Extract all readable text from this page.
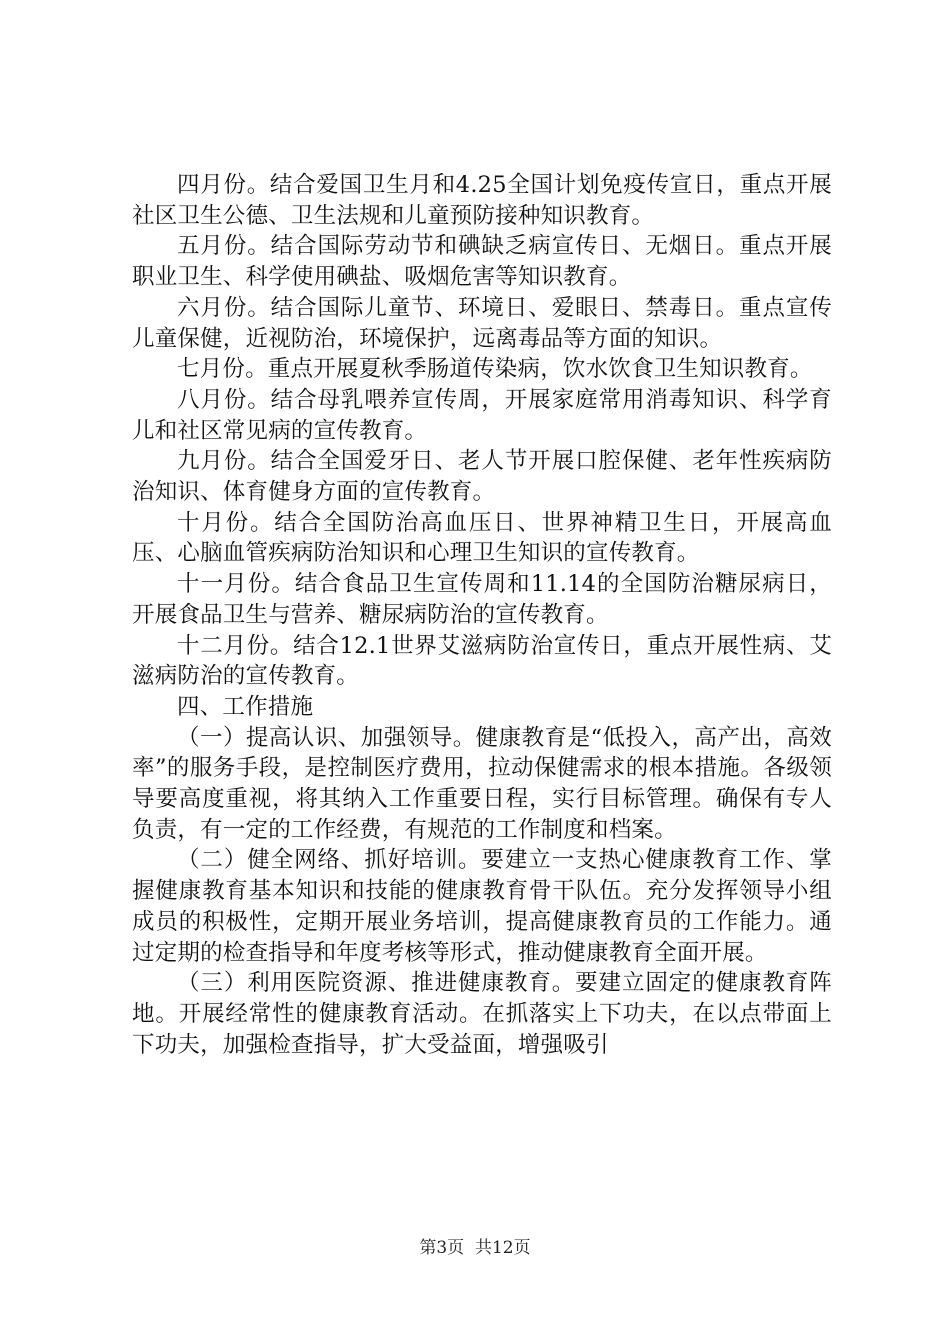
四月份。结合爱国卫生月和4.25全国计划免疫传宣日，重点开展社区卫生公德、卫生法规和儿童预防接种知识教育。

五月份。结合国际劳动节和碘缺乏病宣传日、无烟日。重点开展职业卫生、科学使用碘盐、吸烟危害等知识教育。

六月份。结合国际儿童节、环境日、爱眼日、禁毒日。重点宣传儿童保健，近视防治，环境保护，远离毒品等方面的知识。

七月份。重点开展夏秋季肠道传染病，饮水饮食卫生知识教育。

八月份。结合母乳喂养宣传周，开展家庭常用消毒知识、科学育儿和社区常见病的宣传教育。

九月份。结合全国爱牙日、老人节开展口腔保健、老年性疾病防治知识、体育健身方面的宣传教育。

十月份。结合全国防治高血压日、世界神精卫生日，开展高血压、心脑血管疾病防治知识和心理卫生知识的宣传教育。

十一月份。结合食品卫生宣传周和11.14的全国防治糖尿病日，开展食品卫生与营养、糖尿病防治的宣传教育。

十二月份。结合12.1世界艾滋病防治宣传日，重点开展性病、艾滋病防治的宣传教育。

四、工作措施

（一）提高认识、加强领导。健康教育是“低投入，高产出，高效率”的服务手段，是控制医疗费用，拉动保健需求的根本措施。各级领导要高度重视，将其纳入工作重要日程，实行目标管理。确保有专人负责，有一定的工作经费，有规范的工作制度和档案。

（二）健全网络、抓好培训。要建立一支热心健康教育工作、掌握健康教育基本知识和技能的健康教育骨干队伍。充分发挥领导小组成员的积极性，定期开展业务培训，提高健康教育员的工作能力。通过定期的检查指导和年度考核等形式，推动健康教育全面开展。

（三）利用医院资源、推进健康教育。要建立固定的健康教育阵地。开展经常性的健康教育活动。在抓落实上下功夫，在以点带面上下功夫，加强检查指导，扩大受益面，增强吸引

第3页  共12页
